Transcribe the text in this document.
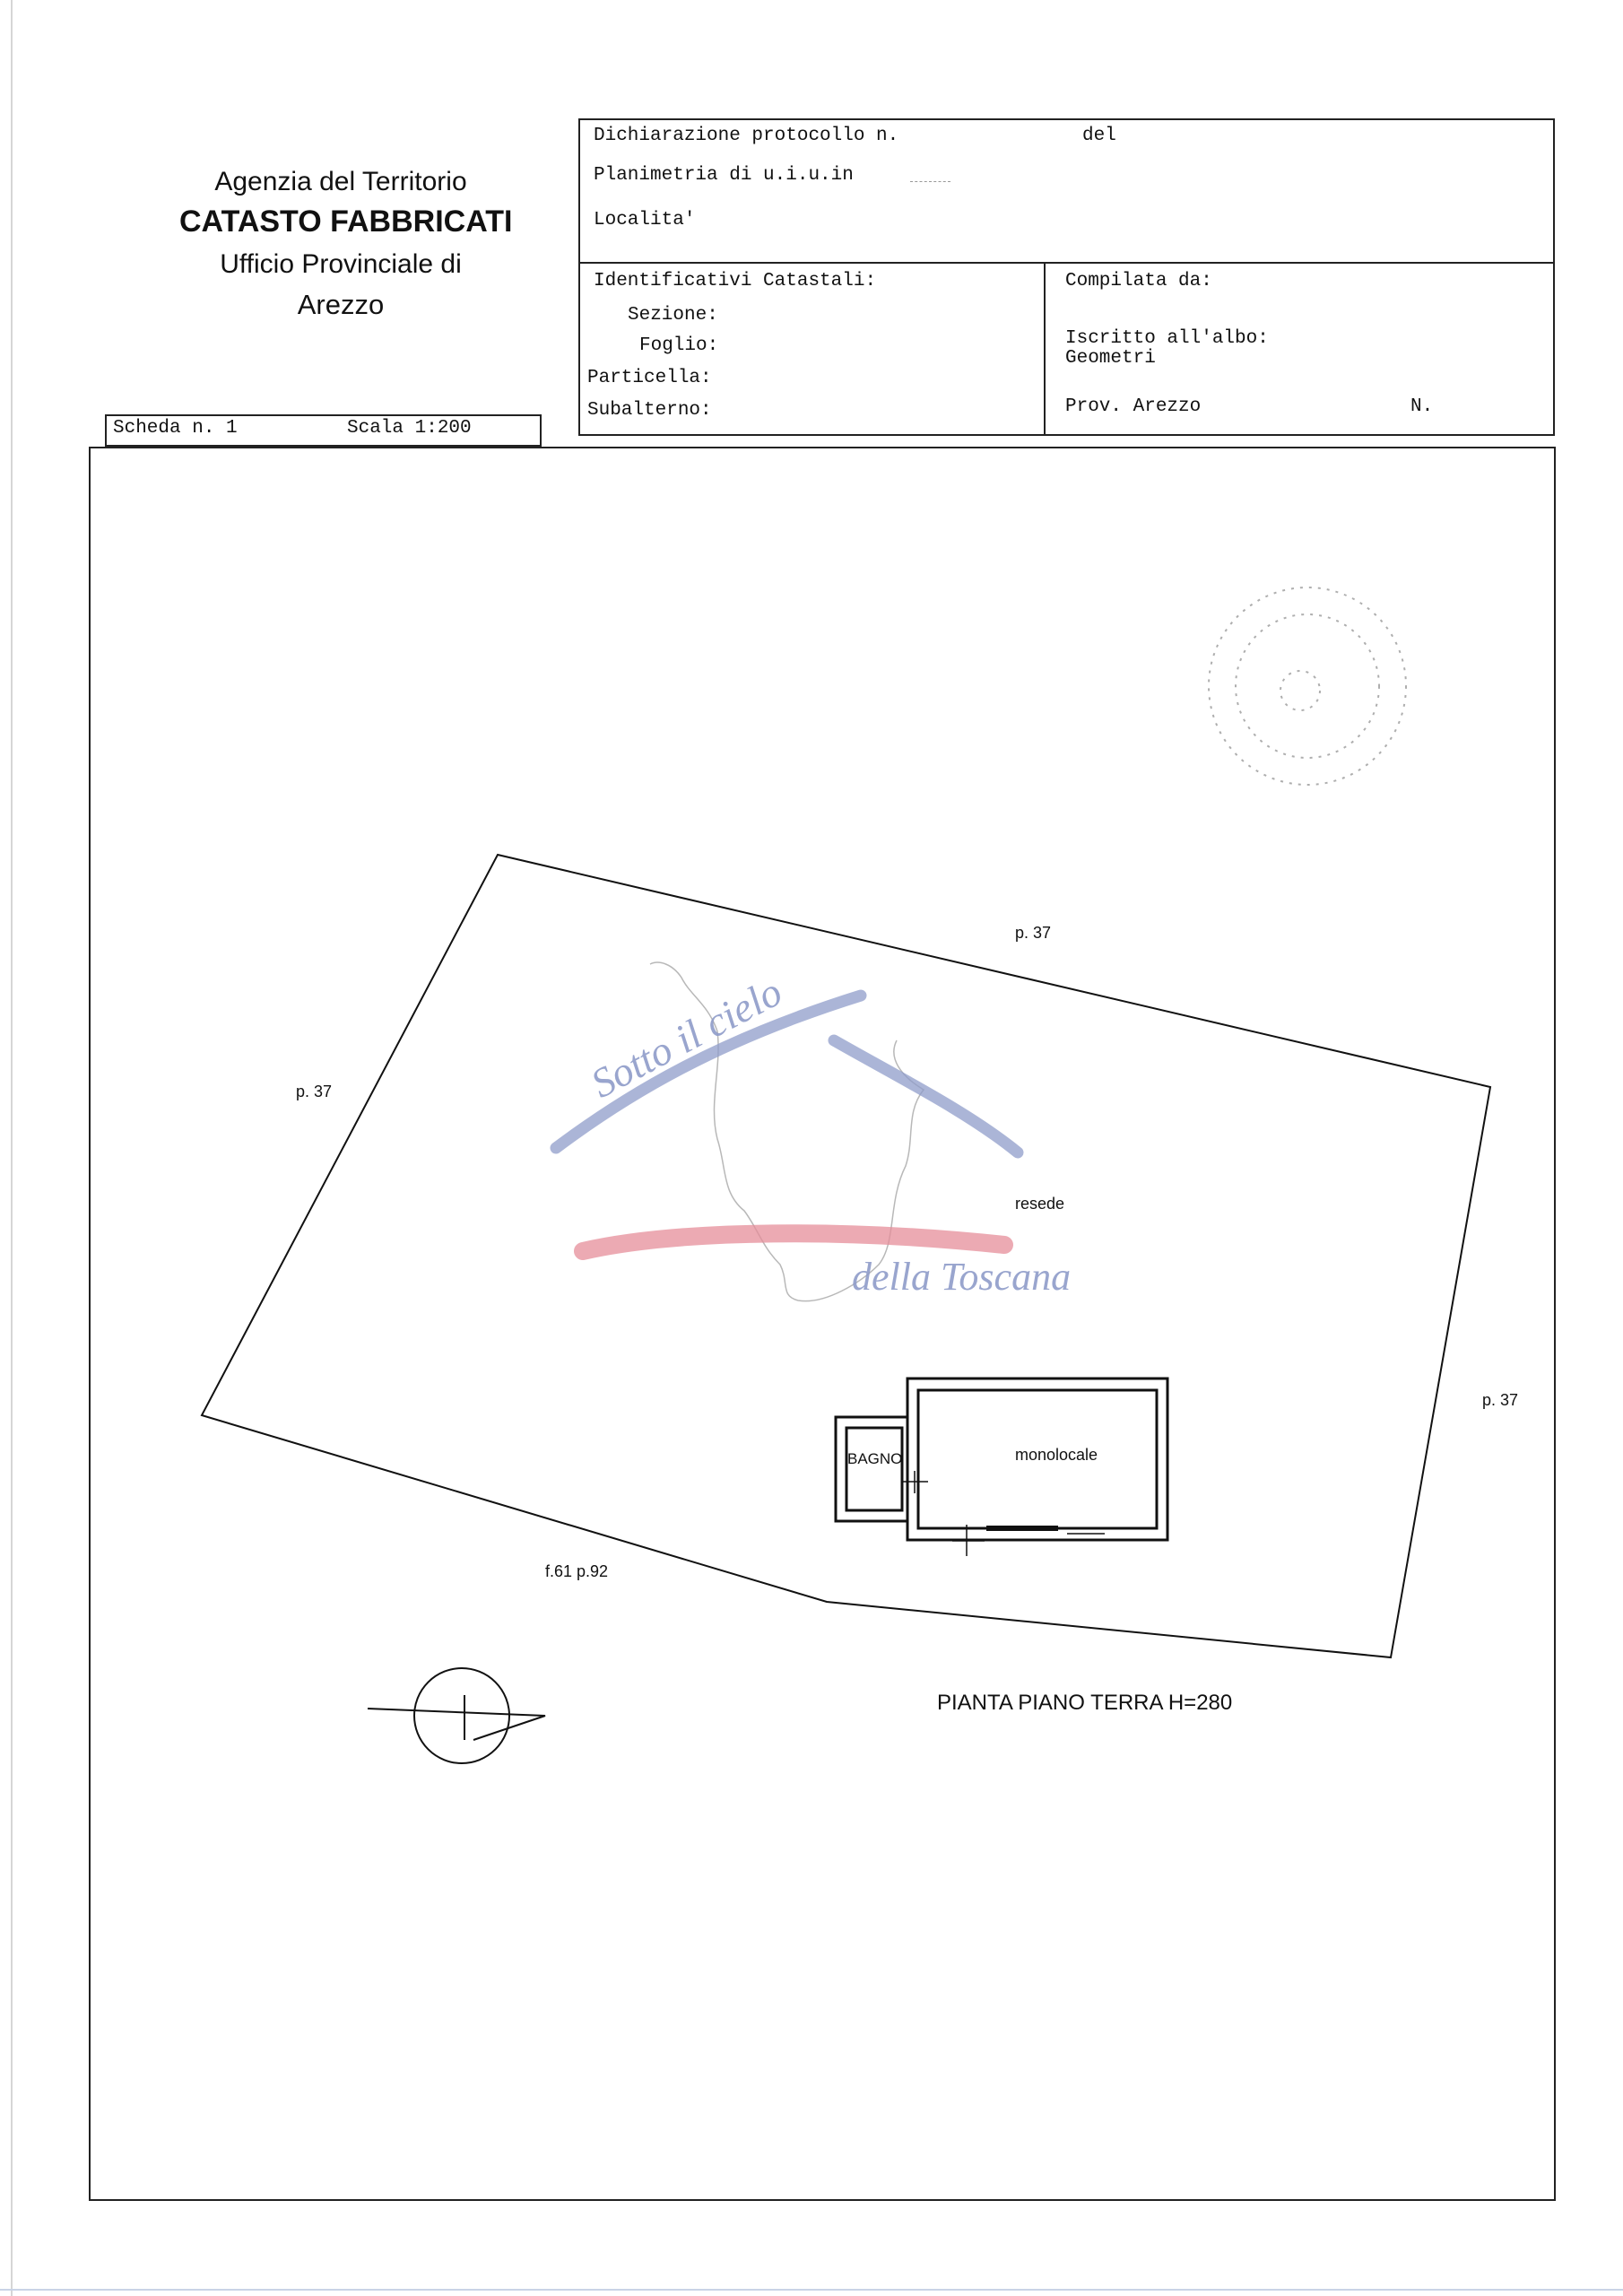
Agenzia del Territorio
CATASTO FABBRICATI
Ufficio Provinciale di
Arezzo
Dichiarazione protocollo n.	del
Planimetria di u.i.u.in
Localita'
Identificativi Catastali:
Sezione:
Foglio:
Particella:
Subalterno:
Compilata da:
Iscritto all'albo:
Geometri
Prov. Arezzo	N.
Scheda n. 1	Scala 1:200
Sotto il cielo
della Toscana
p. 37
p. 37
p. 37
resede
f.61 p.92
monolocale
BAGNO
PIANTA PIANO TERRA H=280
